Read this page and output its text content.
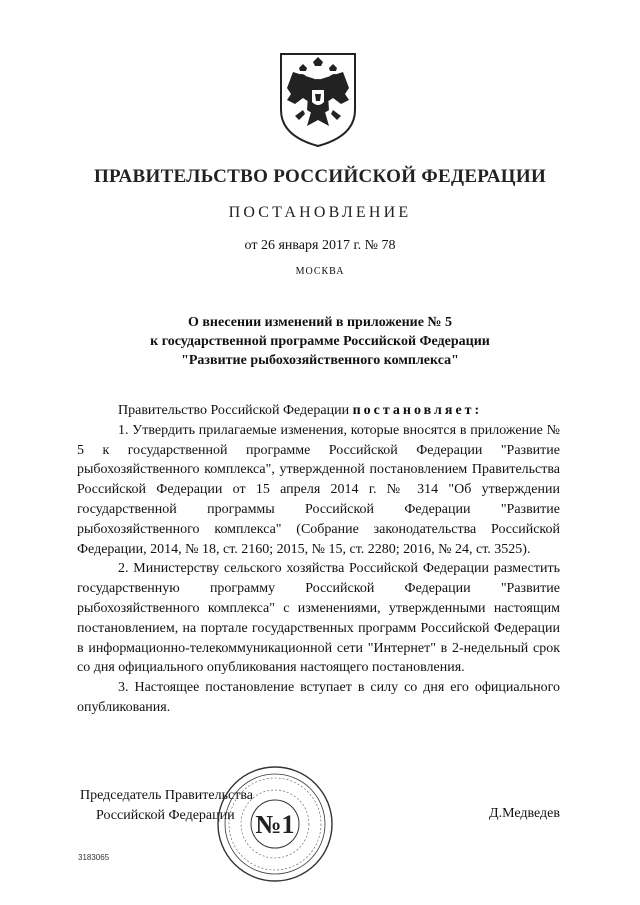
ПРАВИТЕЛЬСТВО РОССИЙСКОЙ ФЕДЕРАЦИИ
ПОСТАНОВЛЕНИЕ
от 26 января 2017 г. № 78
МОСКВА
О внесении изменений в приложение № 5
к государственной программе Российской Федерации
"Развитие рыбохозяйственного комплекса"

Правительство Российской Федерации постановляет:

1. Утвердить прилагаемые изменения, которые вносятся в приложение № 5 к государственной программе Российской Федерации "Развитие рыбохозяйственного комплекса", утвержденной постановлением Правительства Российской Федерации от 15 апреля 2014 г. № 314 "Об утверждении государственной программы Российской Федерации "Развитие рыбохозяйственного комплекса" (Собрание законодательства Российской Федерации, 2014, № 18, ст. 2160; 2015, № 15, ст. 2280; 2016, № 24, ст. 3525).

2. Министерству сельского хозяйства Российской Федерации разместить государственную программу Российской Федерации "Развитие рыбохозяйственного комплекса" с изменениями, утвержденными настоящим постановлением, на портале государственных программ Российской Федерации в информационно-телекоммуникационной сети "Интернет" в 2-недельный срок со дня официального опубликования настоящего постановления.

3. Настоящее постановление вступает в силу со дня его официального опубликования.

Председатель Правительства
Российской Федерации	Д.Медведев
№1
3183065
